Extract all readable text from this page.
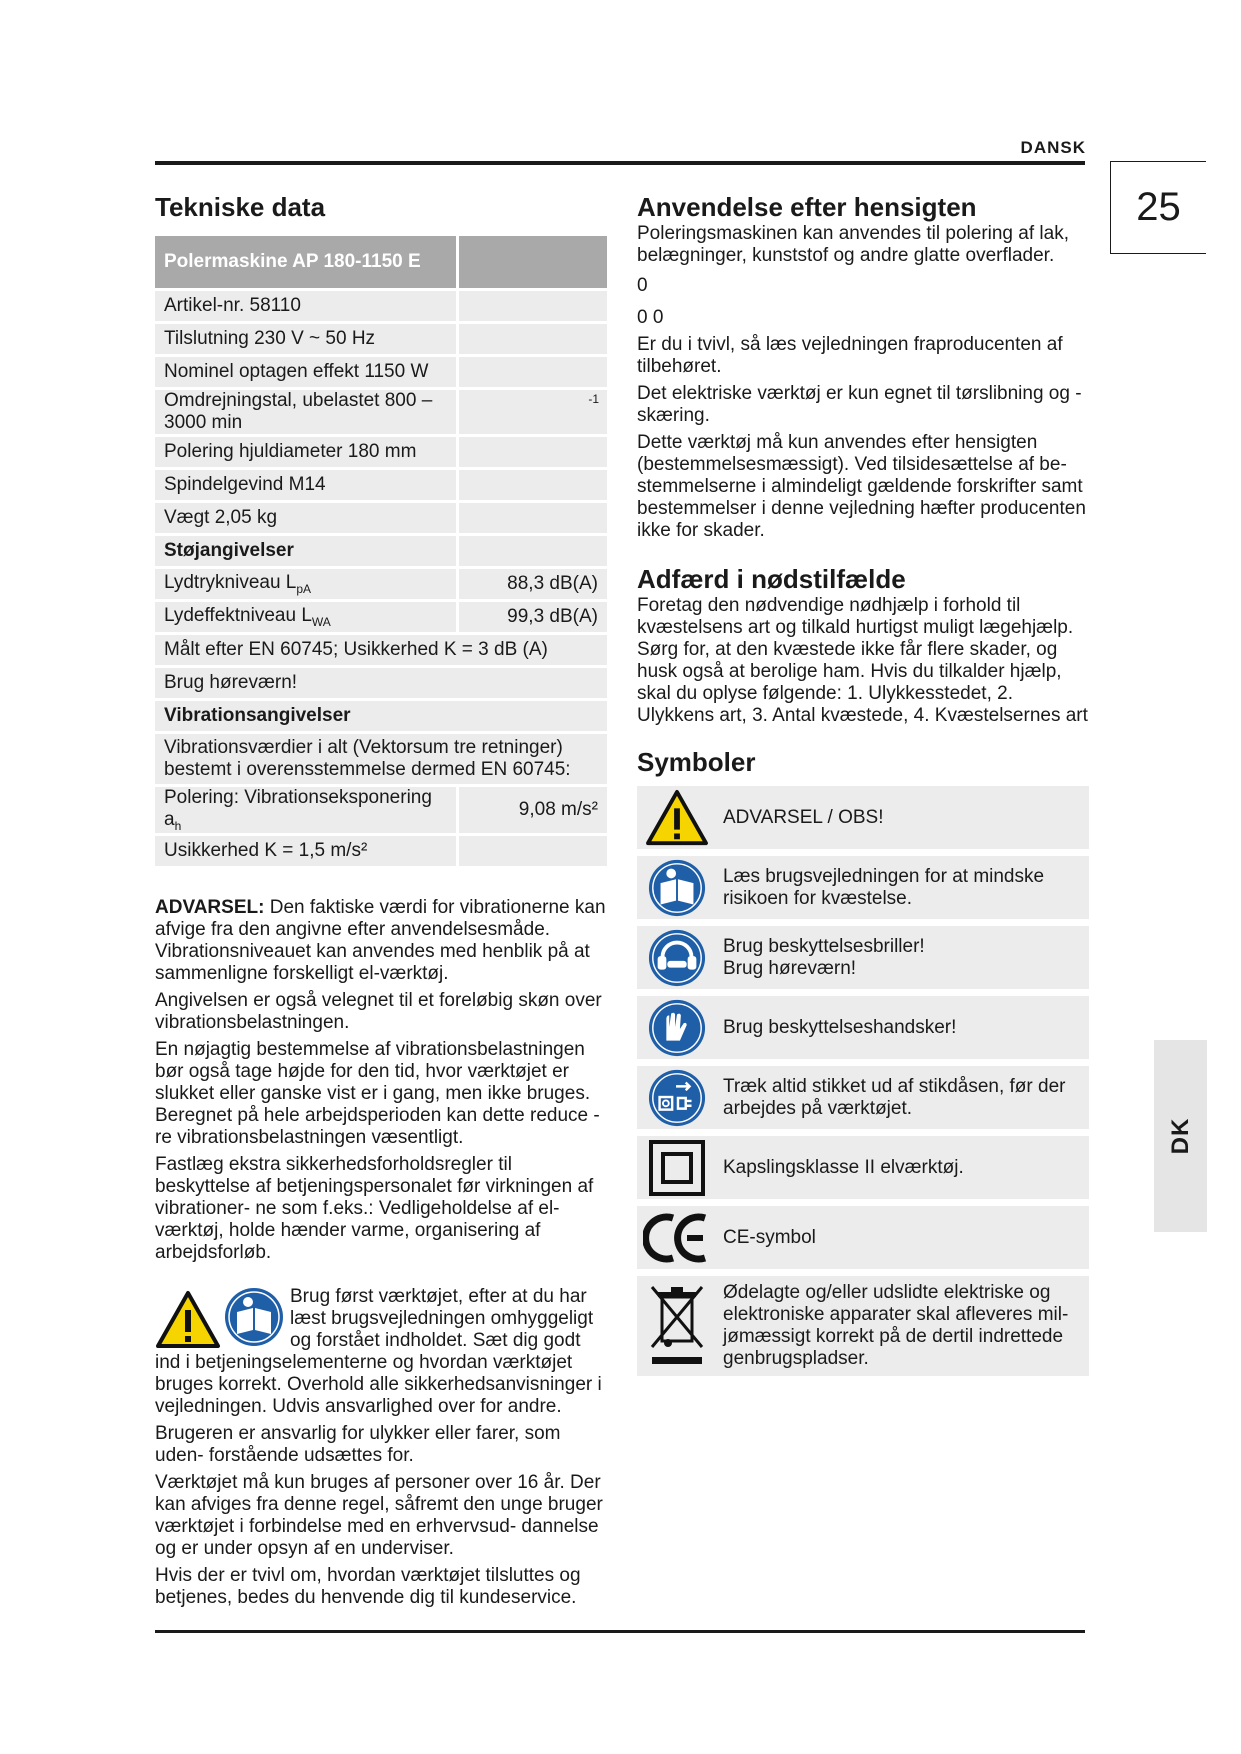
DANSK
25
DK
Tekniske data
Polermaskine AP 180-1150 E	
Artikel-nr. 58110	
Tilslutning 230 V ~ 50 Hz	
Nominel optagen effekt 1150 W	
Omdrejningstal, ubelastet 800 – 3000 min	-1

Polering hjuldiameter 180 mm	
Spindelgevind M14	
Vægt 2,05 kg	
Støjangivelser	
Lydtrykniveau $L_{pA}$	88,3 dB(A)
Lydeffektniveau $L_{WA}$	99,3 dB(A)
Målt efter EN 60745; Usikkerhed K = 3 dB (A)	
Brug høreværn!	
Vibrationsangivelser	
Vibrationsværdier i alt (Vektorsum tre retninger) bestemt i overensstemmelse dermed EN 60745:	
Polering: Vibrationseksponering $a_h$	9,08 m/s²
Usikkerhed K = 1,5 m/s²	

ADVARSEL: Den faktiske værdi for vibrationerne kan afvige fra den angivne efter anvendelsesmåde. Vibrationsniveauet kan anvendes med henblik på at sammenligne forskelligt el-værktøj.

Angivelsen er også velegnet til et foreløbig skøn over vibrationsbelastningen.

En nøjagtig bestemmelse af vibrationsbelastningen bør også tage højde for den tid, hvor værktøjet er slukket eller ganske vist er i gang, men ikke bruges. Beregnet på hele arbejdsperioden kan dette reduce - re vibrationsbelastningen væsentligt.

Fastlæg ekstra sikkerhedsforholdsregler til beskyttelse af betjeningspersonalet før virkningen af vibrationer- ne som f.eks.: Vedligeholdelse af el-værktøj, holde hænder varme, organisering af arbejdsforløb.

Brug først værktøjet, efter at du har læst brugsvejledningen omhyggeligt og forstået indholdet. Sæt dig godt

ind i betjeningselementerne og hvordan værktøjet bruges korrekt. Overhold alle sikkerhedsanvisninger i vejledningen. Udvis ansvarlighed over for andre.

Brugeren er ansvarlig for ulykker eller farer, som uden- forstående udsættes for.

Værktøjet må kun bruges af personer over 16 år. Der kan afviges fra denne regel, såfremt den unge bruger værktøjet i forbindelse med en erhvervsud- dannelse og er under opsyn af en underviser.

Hvis der er tvivl om, hvordan værktøjet tilsluttes og betjenes, bedes du henvende dig til kundeservice.

Anvendelse efter hensigten

Poleringsmaskinen kan anvendes til polering af lak, belægninger, kunststof og andre glatte overflader.

0

0 0

Er du i tvivl, så læs vejledningen fraproducenten af tilbehøret.

Det elektriske værktøj er kun egnet til tørslibning og -skæring.

Dette værktøj må kun anvendes efter hensigten (bestemmelsesmæssigt). Ved tilsidesættelse af be- stemmelserne i almindeligt gældende forskrifter samt bestemmelser i denne vejledning hæfter producenten ikke for skader.

Adfærd i nødstilfælde

Foretag den nødvendige nødhjælp i forhold til kvæstelsens art og tilkald hurtigst muligt lægehjælp. Sørg for, at den kvæstede ikke får flere skader, og husk også at berolige ham. Hvis du tilkalder hjælp, skal du oplyse følgende: 1. Ulykkesstedet, 2. Ulykkens art, 3. Antal kvæstede, 4. Kvæstelsernes art

Symboler
ADVARSEL / OBS!
Læs brugsvejledningen for at mindske risikoen for kvæstelse.
Brug beskyttelsesbriller!
Brug høreværn!
Brug beskyttelseshandsker!
Træk altid stikket ud af stikdåsen, før der arbejdes på værktøjet.
Kapslingsklasse II elværktøj.
CE-symbol
Ødelagte og/eller udslidte elektriske og elektroniske apparater skal afleveres mil- jømæssigt korrekt på de dertil indrettede genbrugspladser.
